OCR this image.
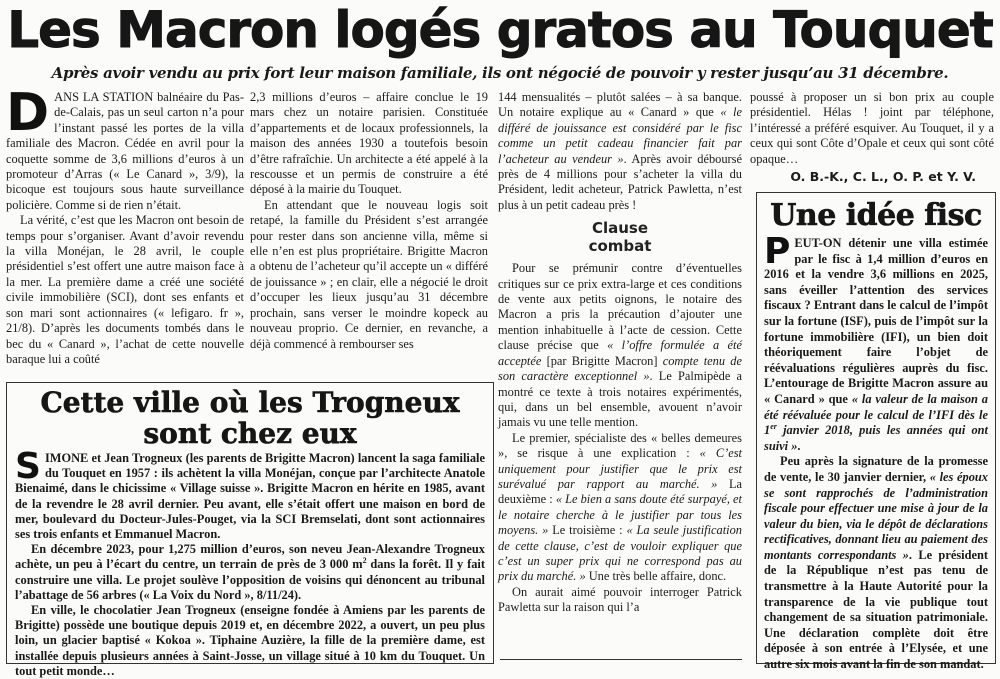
Les Macron logés gratos au Touquet
Après avoir vendu au prix fort leur maison familiale, ils ont négocié de pouvoir y rester jusqu’au 31 décembre.

DANS LA STATION balnéaire du Pas-de-Calais, pas un seul carton n’a pour l’instant passé les portes de la villa familiale des Macron. Cédée en avril pour la coquette somme de 3,6 millions d’euros à un promoteur d’Arras (« Le Canard », 3/9), la bicoque est toujours sous haute surveillance policière. Comme si de rien n’était.

La vérité, c’est que les Macron ont besoin de temps pour s’organiser. Avant d’avoir revendu la villa Monéjan, le 28 avril, le couple présidentiel s’est offert une autre maison face à la mer. La première dame a créé une société civile immobilière (SCI), dont ses enfants et son mari sont actionnaires (« lefigaro. fr », 21/8). D’après les documents tombés dans le bec du « Canard », l’achat de cette nouvelle baraque lui a coûté

2,3 millions d’euros – affaire conclue le 19 mars chez un notaire parisien. Constituée d’appartements et de locaux professionnels, la maison des années 1930 a toutefois besoin d’être rafraîchie. Un architecte a été appelé à la rescousse et un permis de construire a été déposé à la mairie du Touquet.

En attendant que le nouveau logis soit retapé, la famille du Président s’est arrangée pour rester dans son ancienne villa, même si elle n’en est plus propriétaire. Brigitte Macron a obtenu de l’acheteur qu’il accepte un « différé de jouissance » ; en clair, elle a négocié le droit d’occuper les lieux jusqu’au 31 décembre prochain, sans verser le moindre kopeck au nouveau proprio. Ce dernier, en revanche, a déjà commencé à rembourser ses

144 mensualités – plutôt salées – à sa banque. Un notaire explique au « Canard » que « le différé de jouissance est considéré par le fisc comme un petit cadeau financier fait par l’acheteur au vendeur ». Après avoir déboursé près de 4 millions pour s’acheter la villa du Président, ledit acheteur, Patrick Pawletta, n’est plus à un petit cadeau près !

Clause combat

Pour se prémunir contre d’éventuelles critiques sur ce prix extra-large et ces conditions de vente aux petits oignons, le notaire des Macron a pris la précaution d’ajouter une mention inhabituelle à l’acte de cession. Cette clause précise que « l’offre formulée a été acceptée [par Brigitte Macron] compte tenu de son caractère exceptionnel ». Le Palmipède a montré ce texte à trois notaires expérimentés, qui, dans un bel ensemble, avouent n’avoir jamais vu une telle mention.

Le premier, spécialiste des « belles demeures », se risque à une explication : « C’est uniquement pour justifier que le prix est surévalué par rapport au marché. » La deuxième : « Le bien a sans doute été surpayé, et le notaire cherche à le justifier par tous les moyens. » Le troisième : « La seule justification de cette clause, c’est de vouloir expliquer que c’est un super prix qui ne correspond pas au prix du marché. » Une très belle affaire, donc.

On aurait aimé pouvoir interroger Patrick Pawletta sur la raison qui l’a

poussé à proposer un si bon prix au couple présidentiel. Hélas ! joint par téléphone, l’intéressé a préféré esquiver. Au Touquet, il y a ceux qui sont Côte d’Opale et ceux qui sont côté opaque…

O. B.-K., C. L., O. P. et Y. V.
Cette ville où les Trogneux sont chez eux

SIMONE et Jean Trogneux (les parents de Brigitte Macron) lancent la saga familiale du Touquet en 1957 : ils achètent la villa Monéjan, conçue par l’architecte Anatole Bienaimé, dans le chicissime « Village suisse ». Brigitte Macron en hérite en 1985, avant de la revendre le 28 avril dernier. Peu avant, elle s’était offert une maison en bord de mer, boulevard du Docteur-Jules-Pouget, via la SCI Bremselati, dont sont actionnaires ses trois enfants et Emmanuel Macron.

En décembre 2023, pour 1,275 million d’euros, son neveu Jean-Alexandre Trogneux achète, un peu à l’écart du centre, un terrain de près de 3 000 $m^2$ dans la forêt. Il y fait construire une villa. Le projet soulève l’opposition de voisins qui dénoncent au tribunal l’abattage de 56 arbres (« La Voix du Nord », 8/11/24).

En ville, le chocolatier Jean Trogneux (enseigne fondée à Amiens par les parents de Brigitte) possède une boutique depuis 2019 et, en décembre 2022, a ouvert, un peu plus loin, un glacier baptisé « Kokoa ». Tiphaine Auzière, la fille de la première dame, est installée depuis plusieurs années à Saint-Josse, un village situé à 10 km du Touquet. Un tout petit monde…

Une idée fisc

PEUT-ON détenir une villa estimée par le fisc à 1,4 million d’euros en 2016 et la vendre 3,6 millions en 2025, sans éveiller l’attention des services fiscaux ? Entrant dans le calcul de l’impôt sur la fortune (ISF), puis de l’impôt sur la fortune immobilière (IFI), un bien doit théoriquement faire l’objet de réévaluations régulières auprès du fisc. L’entourage de Brigitte Macron assure au « Canard » que « la valeur de la maison a été réévaluée pour le calcul de l’IFI dès le 1er janvier 2018, puis les années qui ont suivi ».

Peu après la signature de la promesse de vente, le 30 janvier dernier, « les époux se sont rapprochés de l’administration fiscale pour effectuer une mise à jour de la valeur du bien, via le dépôt de déclarations rectificatives, donnant lieu au paiement des montants correspondants ». Le président de la République n’est pas tenu de transmettre à la Haute Autorité pour la transparence de la vie publique tout changement de sa situation patrimoniale. Une déclaration complète doit être déposée à son entrée à l’Elysée, et une autre six mois avant la fin de son mandat.
